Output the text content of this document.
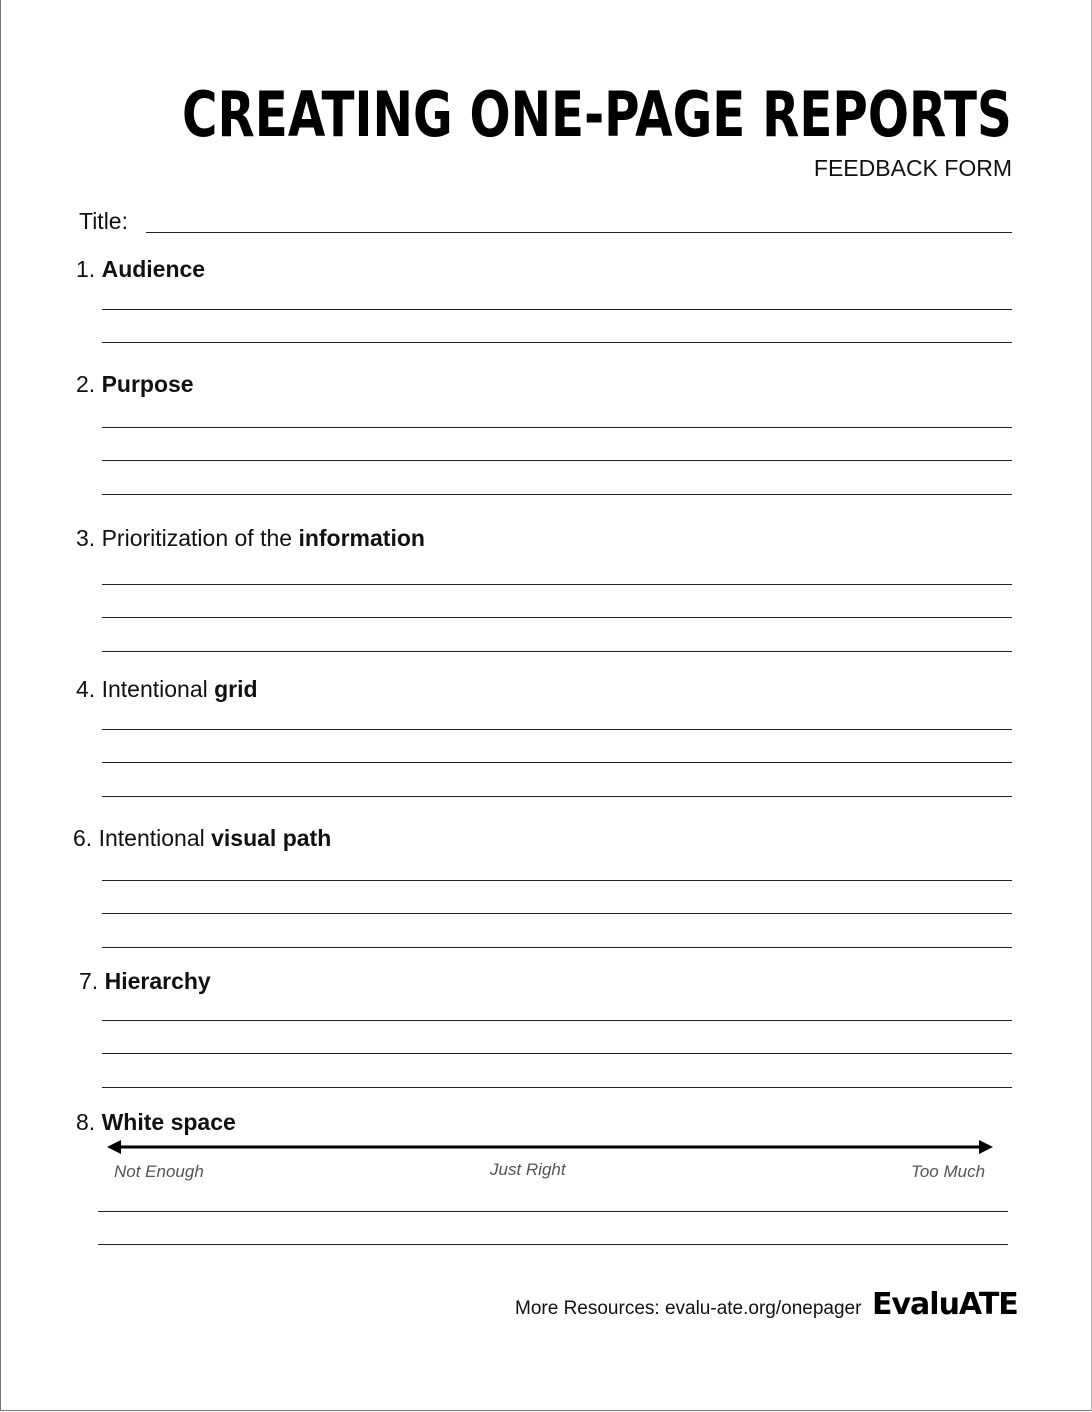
CREATING ONE-PAGE REPORTS
FEEDBACK FORM
Title:
1. Audience
2. Purpose
3. Prioritization of the information
4. Intentional grid
6. Intentional visual path
7. Hierarchy
8. White space
Not Enough	Just Right	Too Much
More Resources: evalu-ate.org/onepager EvaluATE
